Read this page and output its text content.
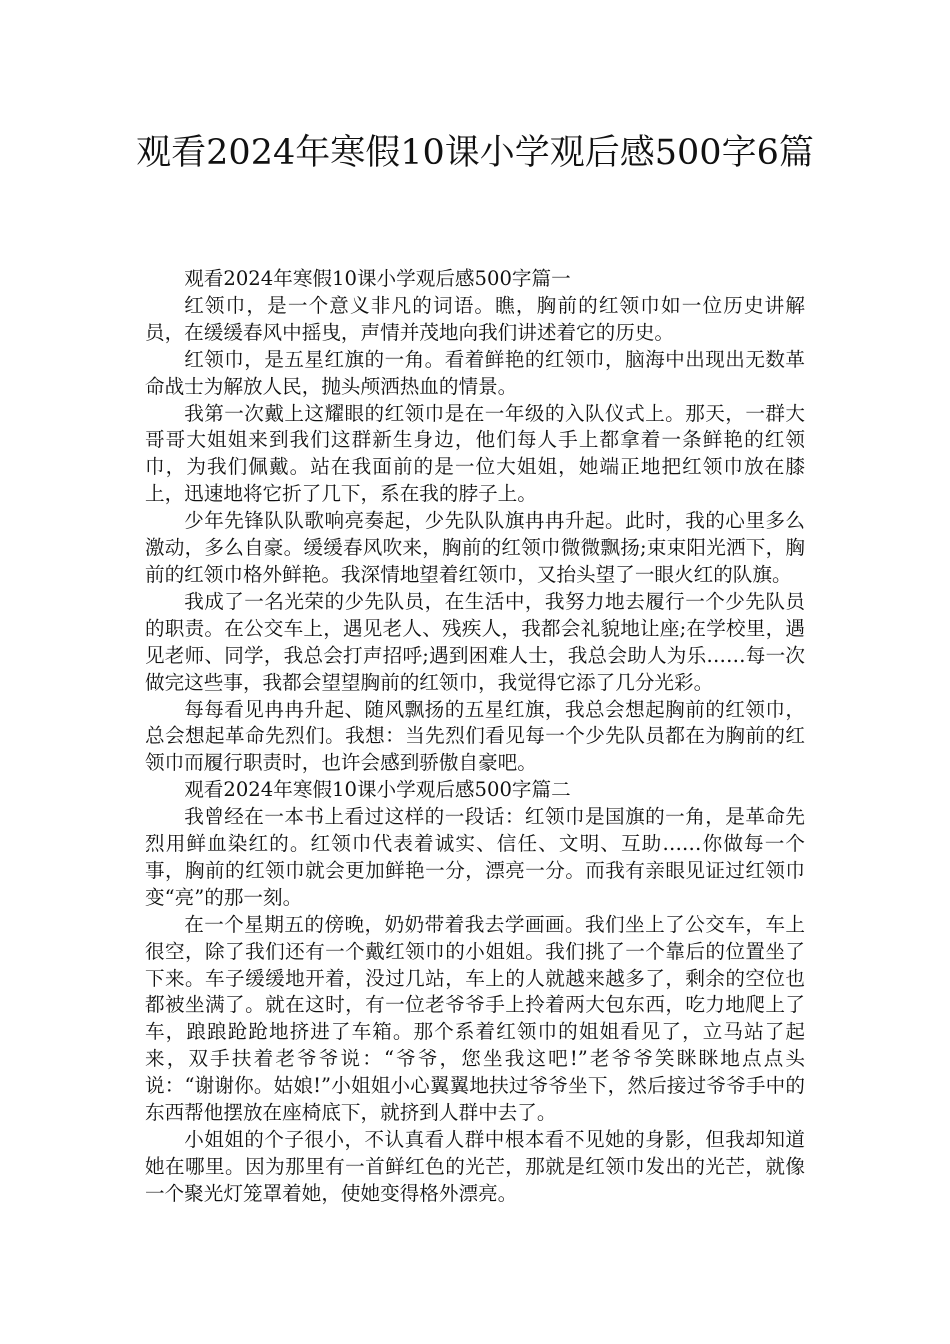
观看2024年寒假10课小学观后感500字6篇

观看2024年寒假10课小学观后感500字篇一

红领巾，是一个意义非凡的词语。瞧，胸前的红领巾如一位历史讲解员，在缓缓春风中摇曳，声情并茂地向我们讲述着它的历史。

红领巾，是五星红旗的一角。看着鲜艳的红领巾，脑海中出现出无数革命战士为解放人民，抛头颅洒热血的情景。

我第一次戴上这耀眼的红领巾是在一年级的入队仪式上。那天，一群大哥哥大姐姐来到我们这群新生身边，他们每人手上都拿着一条鲜艳的红领巾，为我们佩戴。站在我面前的是一位大姐姐，她端正地把红领巾放在膝上，迅速地将它折了几下，系在我的脖子上。

少年先锋队队歌响亮奏起，少先队队旗冉冉升起。此时，我的心里多么激动，多么自豪。缓缓春风吹来，胸前的红领巾微微飘扬;束束阳光洒下，胸前的红领巾格外鲜艳。我深情地望着红领巾，又抬头望了一眼火红的队旗。

我成了一名光荣的少先队员，在生活中，我努力地去履行一个少先队员的职责。在公交车上，遇见老人、残疾人，我都会礼貌地让座;在学校里，遇见老师、同学，我总会打声招呼;遇到困难人士，我总会助人为乐……每一次做完这些事，我都会望望胸前的红领巾，我觉得它添了几分光彩。

每每看见冉冉升起、随风飘扬的五星红旗，我总会想起胸前的红领巾，总会想起革命先烈们。我想：当先烈们看见每一个少先队员都在为胸前的红领巾而履行职责时，也许会感到骄傲自豪吧。

观看2024年寒假10课小学观后感500字篇二

我曾经在一本书上看过这样的一段话：红领巾是国旗的一角，是革命先烈用鲜血染红的。红领巾代表着诚实、信任、文明、互助……你做每一个事，胸前的红领巾就会更加鲜艳一分，漂亮一分。而我有亲眼见证过红领巾变“亮”的那一刻。

在一个星期五的傍晚，奶奶带着我去学画画。我们坐上了公交车，车上很空，除了我们还有一个戴红领巾的小姐姐。我们挑了一个靠后的位置坐了下来。车子缓缓地开着，没过几站，车上的人就越来越多了，剩余的空位也都被坐满了。就在这时，有一位老爷爷手上拎着两大包东西，吃力地爬上了车，踉踉跄跄地挤进了车箱。那个系着红领巾的姐姐看见了，立马站了起来，双手扶着老爷爷说：“爷爷，您坐我这吧!”老爷爷笑眯眯地点点头说：“谢谢你。姑娘!”小姐姐小心翼翼地扶过爷爷坐下，然后接过爷爷手中的东西帮他摆放在座椅底下，就挤到人群中去了。

小姐姐的个子很小，不认真看人群中根本看不见她的身影，但我却知道她在哪里。因为那里有一首鲜红色的光芒，那就是红领巾发出的光芒，就像一个聚光灯笼罩着她，使她变得格外漂亮。
